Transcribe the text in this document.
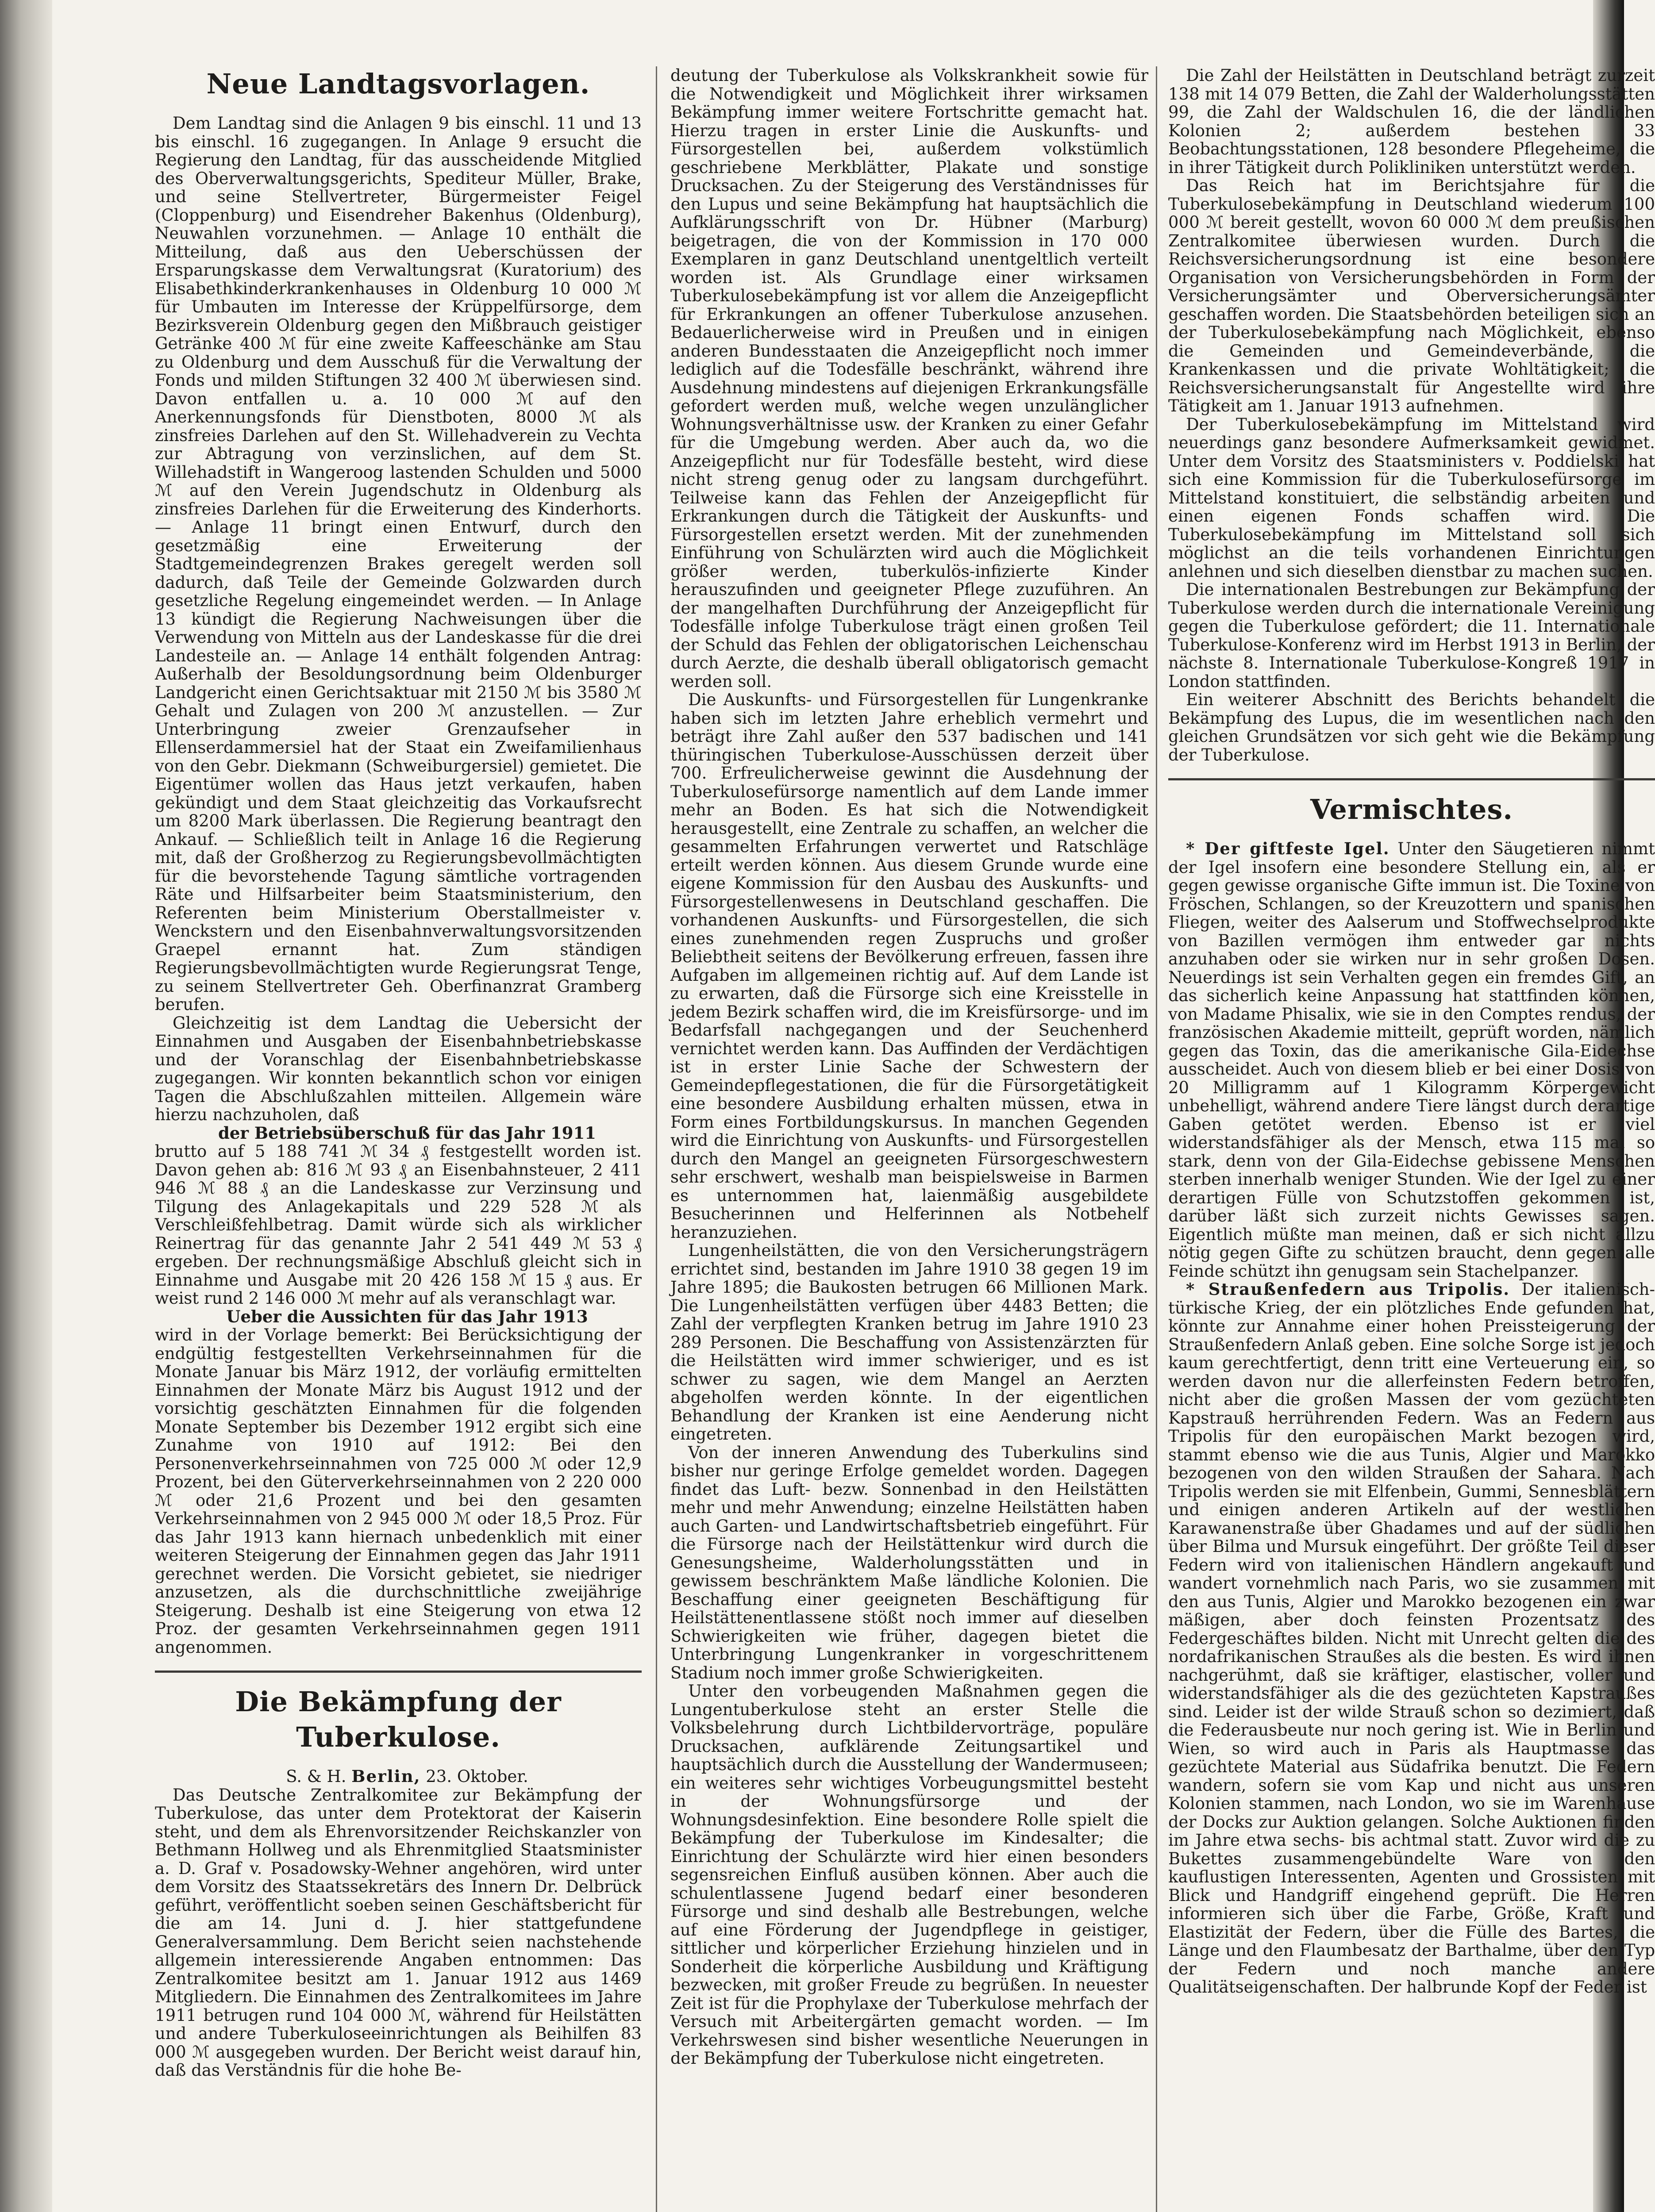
Neue Landtagsvorlagen.

Dem Landtag sind die Anlagen 9 bis einschl. 11 und 13 bis einschl. 16 zugegangen. In Anlage 9 ersucht die Regierung den Landtag, für das ausscheidende Mitglied des Oberverwaltungsgerichts, Spediteur Müller, Brake, und seine Stellvertreter, Bürgermeister Feigel (Cloppenburg) und Eisendreher Bakenhus (Oldenburg), Neuwahlen vorzunehmen. — Anlage 10 enthält die Mitteilung, daß aus den Ueberschüssen der Ersparungskasse dem Verwaltungsrat (Kuratorium) des Elisabethkinderkrankenhauses in Oldenburg 10 000 ℳ für Umbauten im Interesse der Krüppelfürsorge, dem Bezirksverein Oldenburg gegen den Mißbrauch geistiger Getränke 400 ℳ für eine zweite Kaffeeschänke am Stau zu Oldenburg und dem Ausschuß für die Verwaltung der Fonds und milden Stiftungen 32 400 ℳ überwiesen sind. Davon entfallen u. a. 10 000 ℳ auf den Anerkennungsfonds für Dienstboten, 8000 ℳ als zinsfreies Darlehen auf den St. Willehadverein zu Vechta zur Abtragung von verzinslichen, auf dem St. Willehadstift in Wangeroog lastenden Schulden und 5000 ℳ auf den Verein Jugendschutz in Oldenburg als zinsfreies Darlehen für die Erweiterung des Kinderhorts. — Anlage 11 bringt einen Entwurf, durch den gesetzmäßig eine Erweiterung der Stadtgemeindegrenzen Brakes geregelt werden soll dadurch, daß Teile der Gemeinde Golzwarden durch gesetzliche Regelung eingemeindet werden. — In Anlage 13 kündigt die Regierung Nachweisungen über die Verwendung von Mitteln aus der Landeskasse für die drei Landesteile an. — Anlage 14 enthält folgenden Antrag: Außerhalb der Besoldungsordnung beim Oldenburger Landgericht einen Gerichtsaktuar mit 2150 ℳ bis 3580 ℳ Gehalt und Zulagen von 200 ℳ anzustellen. — Zur Unterbringung zweier Grenzaufseher in Ellenserdammersiel hat der Staat ein Zweifamilienhaus von den Gebr. Diekmann (Schweiburgersiel) gemietet. Die Eigentümer wollen das Haus jetzt verkaufen, haben gekündigt und dem Staat gleichzeitig das Vorkaufsrecht um 8200 Mark überlassen. Die Regierung beantragt den Ankauf. — Schließlich teilt in Anlage 16 die Regierung mit, daß der Großherzog zu Regierungsbevollmächtigten für die bevorstehende Tagung sämtliche vortragenden Räte und Hilfsarbeiter beim Staatsministerium, den Referenten beim Ministerium Oberstallmeister v. Wenckstern und den Eisenbahnverwaltungsvorsitzenden Graepel ernannt hat. Zum ständigen Regierungsbevollmächtigten wurde Regierungsrat Tenge, zu seinem Stellvertreter Geh. Oberfinanzrat Gramberg berufen.

Gleichzeitig ist dem Landtag die Uebersicht der Einnahmen und Ausgaben der Eisenbahnbetriebskasse und der Voranschlag der Eisenbahnbetriebskasse zugegangen. Wir konnten bekanntlich schon vor einigen Tagen die Abschlußzahlen mitteilen. Allgemein wäre hierzu nachzuholen, daß

der Betriebsüberschuß für das Jahr 1911

brutto auf 5 188 741 ℳ 34 ₰ festgestellt worden ist. Davon gehen ab: 816 ℳ 93 ₰ an Eisenbahnsteuer, 2 411 946 ℳ 88 ₰ an die Landeskasse zur Verzinsung und Tilgung des Anlagekapitals und 229 528 ℳ als Verschleißfehlbetrag. Damit würde sich als wirklicher Reinertrag für das genannte Jahr 2 541 449 ℳ 53 ₰ ergeben. Der rechnungsmäßige Abschluß gleicht sich in Einnahme und Ausgabe mit 20 426 158 ℳ 15 ₰ aus. Er weist rund 2 146 000 ℳ mehr auf als veranschlagt war.

Ueber die Aussichten für das Jahr 1913

wird in der Vorlage bemerkt: Bei Berücksichtigung der endgültig festgestellten Verkehrseinnahmen für die Monate Januar bis März 1912, der vorläufig ermittelten Einnahmen der Monate März bis August 1912 und der vorsichtig geschätzten Einnahmen für die folgenden Monate September bis Dezember 1912 ergibt sich eine Zunahme von 1910 auf 1912: Bei den Personenverkehrseinnahmen von 725 000 ℳ oder 12,9 Prozent, bei den Güterverkehrseinnahmen von 2 220 000 ℳ oder 21,6 Prozent und bei den gesamten Verkehrseinnahmen von 2 945 000 ℳ oder 18,5 Proz. Für das Jahr 1913 kann hiernach unbedenklich mit einer weiteren Steigerung der Einnahmen gegen das Jahr 1911 gerechnet werden. Die Vorsicht gebietet, sie niedriger anzusetzen, als die durchschnittliche zweijährige Steigerung. Deshalb ist eine Steigerung von etwa 12 Proz. der gesamten Verkehrseinnahmen gegen 1911 angenommen.

Die Bekämpfung der Tuberkulose.

S. & H. Berlin, 23. Oktober.

Das Deutsche Zentralkomitee zur Bekämpfung der Tuberkulose, das unter dem Protektorat der Kaiserin steht, und dem als Ehrenvorsitzender Reichskanzler von Bethmann Hollweg und als Ehrenmitglied Staatsminister a. D. Graf v. Posadowsky-Wehner angehören, wird unter dem Vorsitz des Staatssekretärs des Innern Dr. Delbrück geführt, veröffentlicht soeben seinen Geschäftsbericht für die am 14. Juni d. J. hier stattgefundene Generalversammlung. Dem Bericht seien nachstehende allgemein interessierende Angaben entnommen: Das Zentralkomitee besitzt am 1. Januar 1912 aus 1469 Mitgliedern. Die Einnahmen des Zentralkomitees im Jahre 1911 betrugen rund 104 000 ℳ, während für Heilstätten und andere Tuberkuloseeinrichtungen als Beihilfen 83 000 ℳ ausgegeben wurden. Der Bericht weist darauf hin, daß das Verständnis für die hohe Be-

deutung der Tuberkulose als Volkskrankheit sowie für die Notwendigkeit und Möglichkeit ihrer wirksamen Bekämpfung immer weitere Fortschritte gemacht hat. Hierzu tragen in erster Linie die Auskunfts- und Fürsorgestellen bei, außerdem volkstümlich geschriebene Merkblätter, Plakate und sonstige Drucksachen. Zu der Steigerung des Verständnisses für den Lupus und seine Bekämpfung hat hauptsächlich die Aufklärungsschrift von Dr. Hübner (Marburg) beigetragen, die von der Kommission in 170 000 Exemplaren in ganz Deutschland unentgeltlich verteilt worden ist. Als Grundlage einer wirksamen Tuberkulosebekämpfung ist vor allem die Anzeigepflicht für Erkrankungen an offener Tuberkulose anzusehen. Bedauerlicherweise wird in Preußen und in einigen anderen Bundesstaaten die Anzeigepflicht noch immer lediglich auf die Todesfälle beschränkt, während ihre Ausdehnung mindestens auf diejenigen Erkrankungsfälle gefordert werden muß, welche wegen unzulänglicher Wohnungsverhältnisse usw. der Kranken zu einer Gefahr für die Umgebung werden. Aber auch da, wo die Anzeigepflicht nur für Todesfälle besteht, wird diese nicht streng genug oder zu langsam durchgeführt. Teilweise kann das Fehlen der Anzeigepflicht für Erkrankungen durch die Tätigkeit der Auskunfts- und Fürsorgestellen ersetzt werden. Mit der zunehmenden Einführung von Schulärzten wird auch die Möglichkeit größer werden, tuberkulös-infizierte Kinder herauszufinden und geeigneter Pflege zuzuführen. An der mangelhaften Durchführung der Anzeigepflicht für Todesfälle infolge Tuberkulose trägt einen großen Teil der Schuld das Fehlen der obligatorischen Leichenschau durch Aerzte, die deshalb überall obligatorisch gemacht werden soll.

Die Auskunfts- und Fürsorgestellen für Lungenkranke haben sich im letzten Jahre erheblich vermehrt und beträgt ihre Zahl außer den 537 badischen und 141 thüringischen Tuberkulose-Ausschüssen derzeit über 700. Erfreulicherweise gewinnt die Ausdehnung der Tuberkulosefürsorge namentlich auf dem Lande immer mehr an Boden. Es hat sich die Notwendigkeit herausgestellt, eine Zentrale zu schaffen, an welcher die gesammelten Erfahrungen verwertet und Ratschläge erteilt werden können. Aus diesem Grunde wurde eine eigene Kommission für den Ausbau des Auskunfts- und Fürsorgestellenwesens in Deutschland geschaffen. Die vorhandenen Auskunfts- und Fürsorgestellen, die sich eines zunehmenden regen Zuspruchs und großer Beliebtheit seitens der Bevölkerung erfreuen, fassen ihre Aufgaben im allgemeinen richtig auf. Auf dem Lande ist zu erwarten, daß die Fürsorge sich eine Kreisstelle in jedem Bezirk schaffen wird, die im Kreisfürsorge- und im Bedarfsfall nachgegangen und der Seuchenherd vernichtet werden kann. Das Auffinden der Verdächtigen ist in erster Linie Sache der Schwestern der Gemeindepflegestationen, die für die Fürsorgetätigkeit eine besondere Ausbildung erhalten müssen, etwa in Form eines Fortbildungskursus. In manchen Gegenden wird die Einrichtung von Auskunfts- und Fürsorgestellen durch den Mangel an geeigneten Fürsorgeschwestern sehr erschwert, weshalb man beispielsweise in Barmen es unternommen hat, laienmäßig ausgebildete Besucherinnen und Helferinnen als Notbehelf heranzuziehen.

Lungenheilstätten, die von den Versicherungsträgern errichtet sind, bestanden im Jahre 1910 38 gegen 19 im Jahre 1895; die Baukosten betrugen 66 Millionen Mark. Die Lungenheilstätten verfügen über 4483 Betten; die Zahl der verpflegten Kranken betrug im Jahre 1910 23 289 Personen. Die Beschaffung von Assistenzärzten für die Heilstätten wird immer schwieriger, und es ist schwer zu sagen, wie dem Mangel an Aerzten abgeholfen werden könnte. In der eigentlichen Behandlung der Kranken ist eine Aenderung nicht eingetreten.

Von der inneren Anwendung des Tuberkulins sind bisher nur geringe Erfolge gemeldet worden. Dagegen findet das Luft- bezw. Sonnenbad in den Heilstätten mehr und mehr Anwendung; einzelne Heilstätten haben auch Garten- und Landwirtschaftsbetrieb eingeführt. Für die Fürsorge nach der Heilstättenkur wird durch die Genesungsheime, Walderholungsstätten und in gewissem beschränktem Maße ländliche Kolonien. Die Beschaffung einer geeigneten Beschäftigung für Heilstättenentlassene stößt noch immer auf dieselben Schwierigkeiten wie früher, dagegen bietet die Unterbringung Lungenkranker in vorgeschrittenem Stadium noch immer große Schwierigkeiten.

Unter den vorbeugenden Maßnahmen gegen die Lungentuberkulose steht an erster Stelle die Volksbelehrung durch Lichtbildervorträge, populäre Drucksachen, aufklärende Zeitungsartikel und hauptsächlich durch die Ausstellung der Wandermuseen; ein weiteres sehr wichtiges Vorbeugungsmittel besteht in der Wohnungsfürsorge und der Wohnungsdesinfektion. Eine besondere Rolle spielt die Bekämpfung der Tuberkulose im Kindesalter; die Einrichtung der Schulärzte wird hier einen besonders segensreichen Einfluß ausüben können. Aber auch die schulentlassene Jugend bedarf einer besonderen Fürsorge und sind deshalb alle Bestrebungen, welche auf eine Förderung der Jugendpflege in geistiger, sittlicher und körperlicher Erziehung hinzielen und in Sonderheit die körperliche Ausbildung und Kräftigung bezwecken, mit großer Freude zu begrüßen. In neuester Zeit ist für die Prophylaxe der Tuberkulose mehrfach der Versuch mit Arbeitergärten gemacht worden. — Im Verkehrswesen sind bisher wesentliche Neuerungen in der Bekämpfung der Tuberkulose nicht eingetreten.

Die Zahl der Heilstätten in Deutschland beträgt zurzeit 138 mit 14 079 Betten, die Zahl der Walderholungsstätten 99, die Zahl der Waldschulen 16, die der ländlichen Kolonien 2; außerdem bestehen 33 Beobachtungsstationen, 128 besondere Pflegeheime, die in ihrer Tätigkeit durch Polikliniken unterstützt werden.

Das Reich hat im Berichtsjahre für die Tuberkulosebekämpfung in Deutschland wiederum 100 000 ℳ bereit gestellt, wovon 60 000 ℳ dem preußischen Zentralkomitee überwiesen wurden. Durch die Reichsversicherungsordnung ist eine besondere Organisation von Versicherungsbehörden in Form der Versicherungsämter und Oberversicherungsämter geschaffen worden. Die Staatsbehörden beteiligen sich an der Tuberkulosebekämpfung nach Möglichkeit, ebenso die Gemeinden und Gemeindeverbände, die Krankenkassen und die private Wohltätigkeit; die Reichsversicherungsanstalt für Angestellte wird ihre Tätigkeit am 1. Januar 1913 aufnehmen.

Der Tuberkulosebekämpfung im Mittelstand wird neuerdings ganz besondere Aufmerksamkeit gewidmet. Unter dem Vorsitz des Staatsministers v. Poddielski hat sich eine Kommission für die Tuberkulosefürsorge im Mittelstand konstituiert, die selbständig arbeiten und einen eigenen Fonds schaffen wird. Die Tuberkulosebekämpfung im Mittelstand soll sich möglichst an die teils vorhandenen Einrichtungen anlehnen und sich dieselben dienstbar zu machen suchen.

Die internationalen Bestrebungen zur Bekämpfung der Tuberkulose werden durch die internationale Vereinigung gegen die Tuberkulose gefördert; die 11. Internationale Tuberkulose-Konferenz wird im Herbst 1913 in Berlin, der nächste 8. Internationale Tuberkulose-Kongreß 1917 in London stattfinden.

Ein weiterer Abschnitt des Berichts behandelt die Bekämpfung des Lupus, die im wesentlichen nach den gleichen Grundsätzen vor sich geht wie die Bekämpfung der Tuberkulose.

Vermischtes.

* Der giftfeste Igel. Unter den Säugetieren nimmt der Igel insofern eine besondere Stellung ein, als er gegen gewisse organische Gifte immun ist. Die Toxine von Fröschen, Schlangen, so der Kreuzottern und spanischen Fliegen, weiter des Aalserum und Stoffwechselprodukte von Bazillen vermögen ihm entweder gar nichts anzuhaben oder sie wirken nur in sehr großen Dosen. Neuerdings ist sein Verhalten gegen ein fremdes Gift, an das sicherlich keine Anpassung hat stattfinden können, von Madame Phisalix, wie sie in den Comptes rendus, der französischen Akademie mitteilt, geprüft worden, nämlich gegen das Toxin, das die amerikanische Gila-Eidechse ausscheidet. Auch von diesem blieb er bei einer Dosis von 20 Milligramm auf 1 Kilogramm Körpergewicht unbehelligt, während andere Tiere längst durch derartige Gaben getötet werden. Ebenso ist er viel widerstandsfähiger als der Mensch, etwa 115 mal so stark, denn von der Gila-Eidechse gebissene Menschen sterben innerhalb weniger Stunden. Wie der Igel zu einer derartigen Fülle von Schutzstoffen gekommen ist, darüber läßt sich zurzeit nichts Gewisses sagen. Eigentlich müßte man meinen, daß er sich nicht allzu nötig gegen Gifte zu schützen braucht, denn gegen alle Feinde schützt ihn genugsam sein Stachelpanzer.

* Straußenfedern aus Tripolis. Der italienisch-türkische Krieg, der ein plötzliches Ende gefunden hat, könnte zur Annahme einer hohen Preissteigerung der Straußenfedern Anlaß geben. Eine solche Sorge ist jedoch kaum gerechtfertigt, denn tritt eine Verteuerung ein, so werden davon nur die allerfeinsten Federn betroffen, nicht aber die großen Massen der vom gezüchteten Kapstrauß herrührenden Federn. Was an Federn aus Tripolis für den europäischen Markt bezogen wird, stammt ebenso wie die aus Tunis, Algier und Marokko bezogenen von den wilden Straußen der Sahara. Nach Tripolis werden sie mit Elfenbein, Gummi, Sennesblättern und einigen anderen Artikeln auf der westlichen Karawanenstraße über Ghadames und auf der südlichen über Bilma und Mursuk eingeführt. Der größte Teil dieser Federn wird von italienischen Händlern angekauft und wandert vornehmlich nach Paris, wo sie zusammen mit den aus Tunis, Algier und Marokko bezogenen ein zwar mäßigen, aber doch feinsten Prozentsatz des Federgeschäftes bilden. Nicht mit Unrecht gelten die des nordafrikanischen Straußes als die besten. Es wird ihnen nachgerühmt, daß sie kräftiger, elastischer, voller und widerstandsfähiger als die des gezüchteten Kapstraußes sind. Leider ist der wilde Strauß schon so dezimiert, daß die Federausbeute nur noch gering ist. Wie in Berlin und Wien, so wird auch in Paris als Hauptmasse das gezüchtete Material aus Südafrika benutzt. Die Federn wandern, sofern sie vom Kap und nicht aus unseren Kolonien stammen, nach London, wo sie im Warenhause der Docks zur Auktion gelangen. Solche Auktionen finden im Jahre etwa sechs- bis achtmal statt. Zuvor wird die zu Bukettes zusammengebündelte Ware von den kauflustigen Interessenten, Agenten und Grossisten mit Blick und Handgriff eingehend geprüft. Die Herren informieren sich über die Farbe, Größe, Kraft und Elastizität der Federn, über die Fülle des Bartes, die Länge und den Flaumbesatz der Barthalme, über den Typ der Federn und noch manche andere Qualitätseigenschaften. Der halbrunde Kopf der Feder ist
